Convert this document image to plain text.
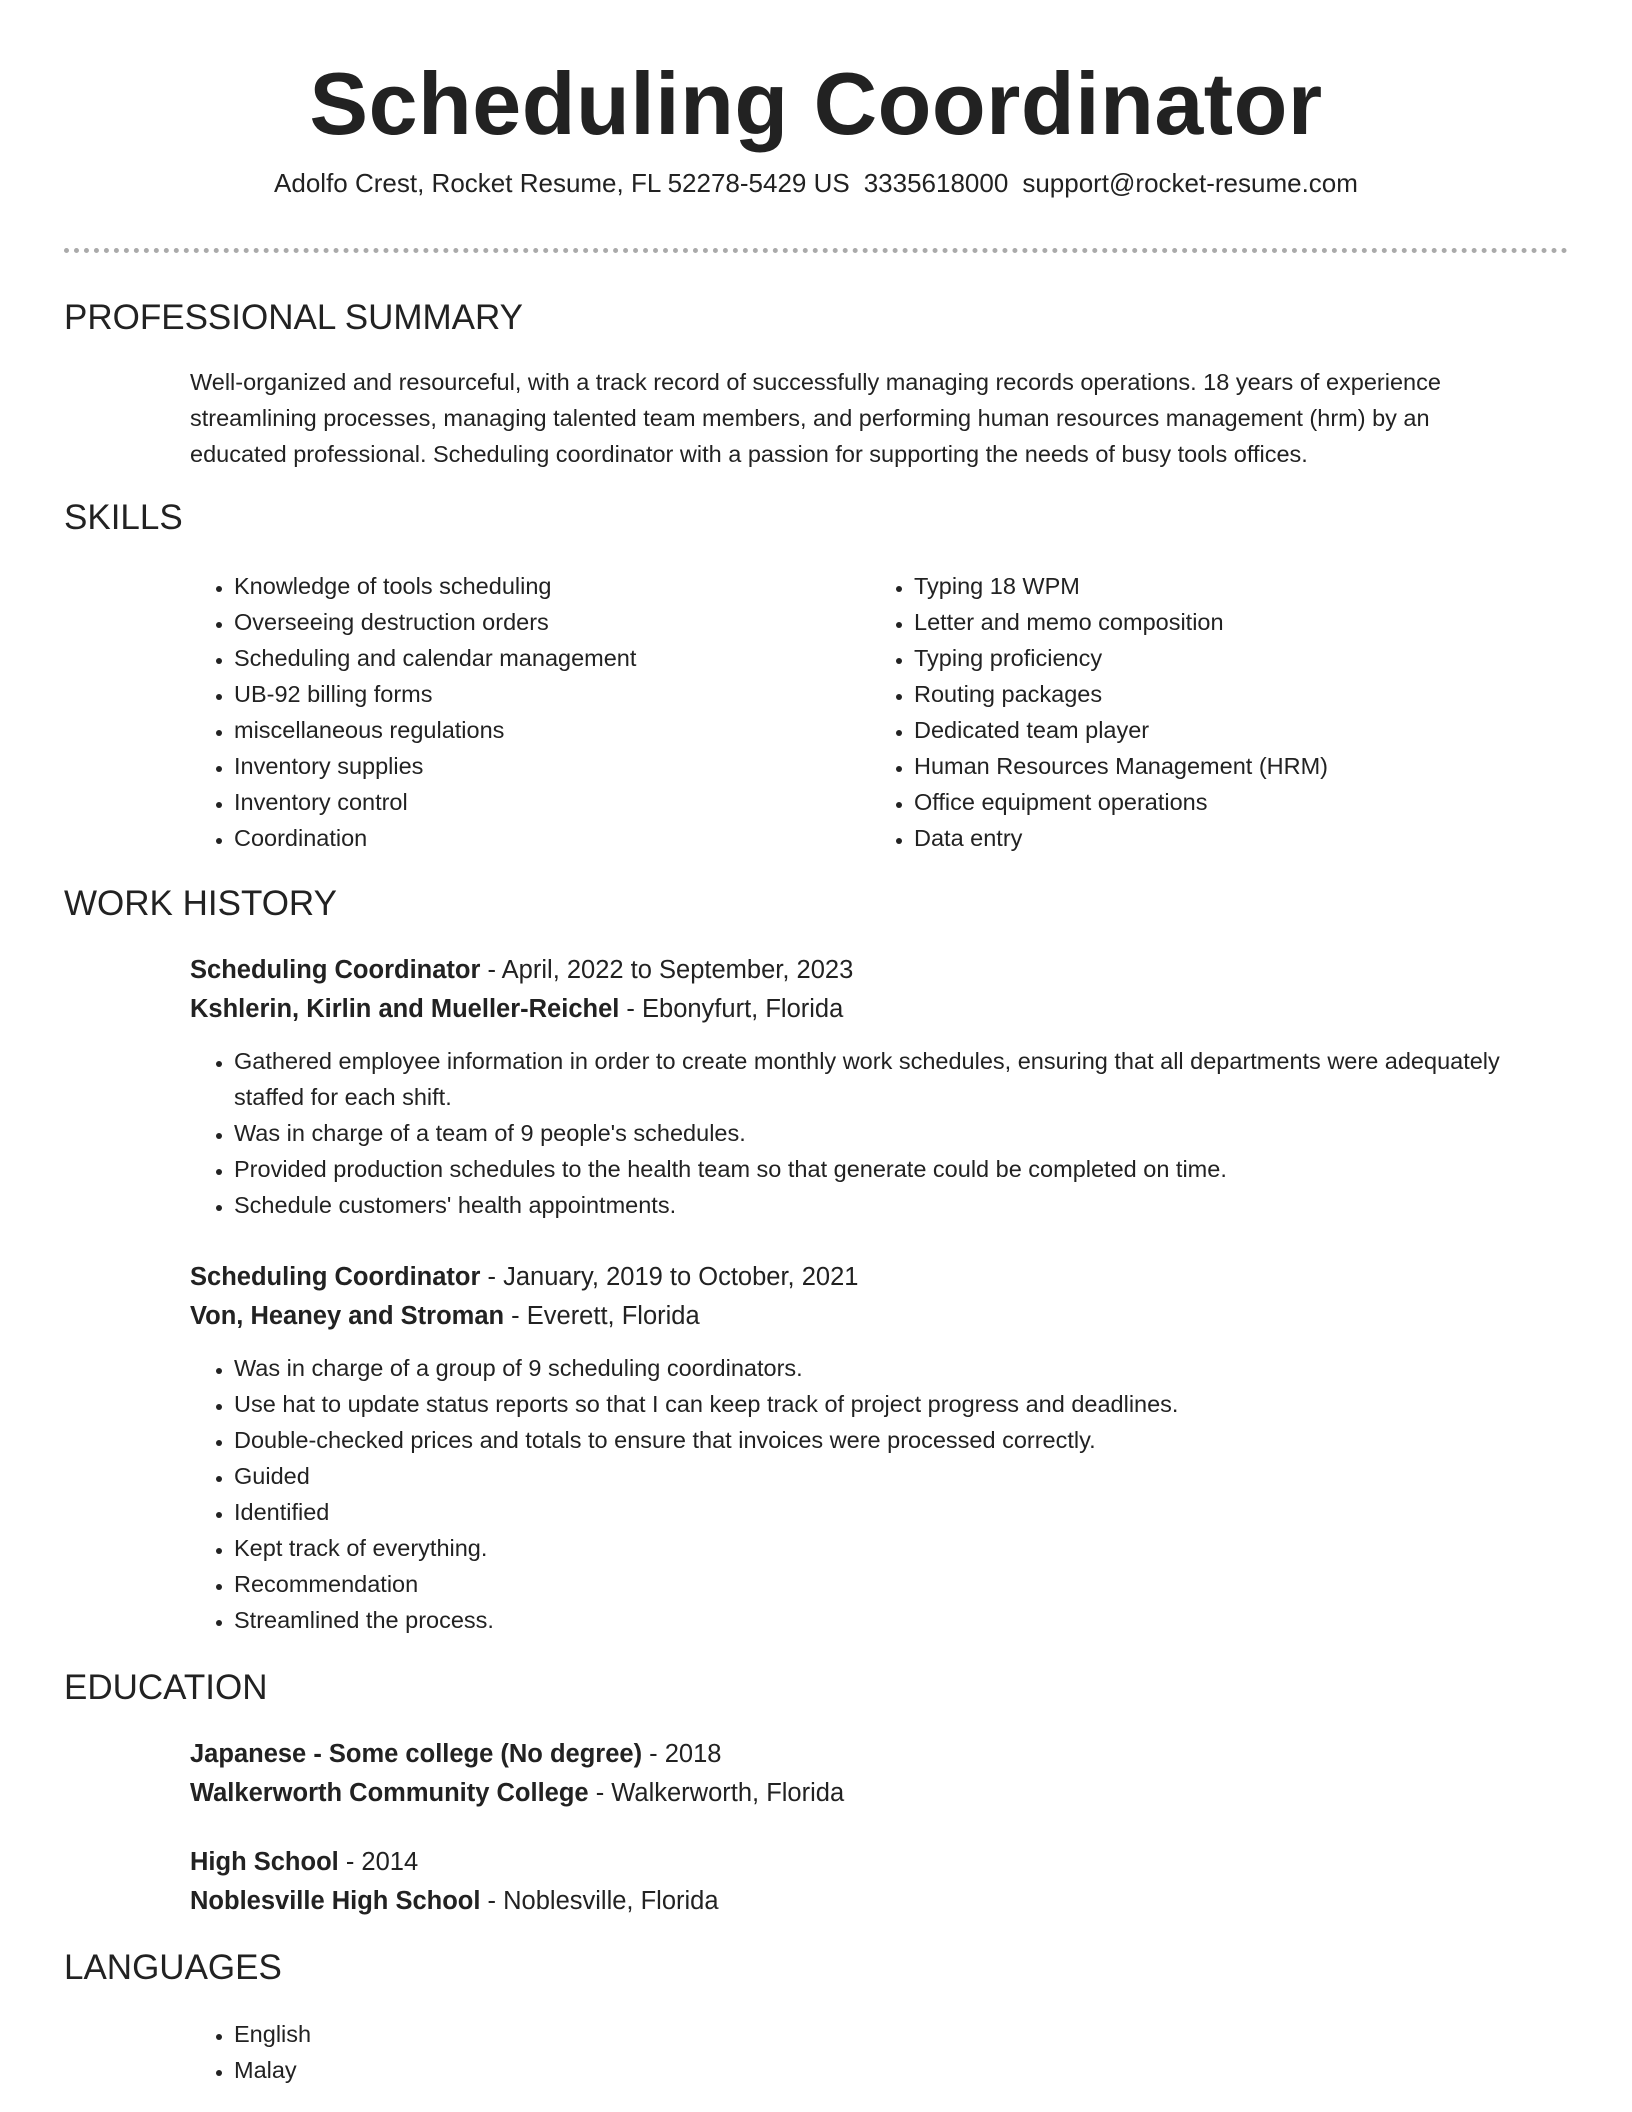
Scheduling Coordinator

Adolfo Crest, Rocket Resume, FL 52278-5429 US 3335618000 support@rocket-resume.com

PROFESSIONAL SUMMARY

Well-organized and resourceful, with a track record of successfully managing records operations. 18 years of experience streamlining processes, managing talented team members, and performing human resources management (hrm) by an educated professional. Scheduling coordinator with a passion for supporting the needs of busy tools offices.

SKILLS
• Knowledge of tools scheduling
• Overseeing destruction orders
• Scheduling and calendar management
• UB-92 billing forms
• miscellaneous regulations
• Inventory supplies
• Inventory control
• Coordination
• Typing 18 WPM
• Letter and memo composition
• Typing proficiency
• Routing packages
• Dedicated team player
• Human Resources Management (HRM)
• Office equipment operations
• Data entry
WORK HISTORY

Scheduling Coordinator - April, 2022 to September, 2023

Kshlerin, Kirlin and Mueller-Reichel - Ebonyfurt, Florida

• Gathered employee information in order to create monthly work schedules, ensuring that all departments were adequately staffed for each shift.
• Was in charge of a team of 9 people's schedules.
• Provided production schedules to the health team so that generate could be completed on time.
• Schedule customers' health appointments.

Scheduling Coordinator - January, 2019 to October, 2021

Von, Heaney and Stroman - Everett, Florida

• Was in charge of a group of 9 scheduling coordinators.
• Use hat to update status reports so that I can keep track of project progress and deadlines.
• Double-checked prices and totals to ensure that invoices were processed correctly.
• Guided
• Identified
• Kept track of everything.
• Recommendation
• Streamlined the process.
EDUCATION

Japanese - Some college (No degree) - 2018

Walkerworth Community College - Walkerworth, Florida

High School - 2014

Noblesville High School - Noblesville, Florida

LANGUAGES
• English
• Malay
